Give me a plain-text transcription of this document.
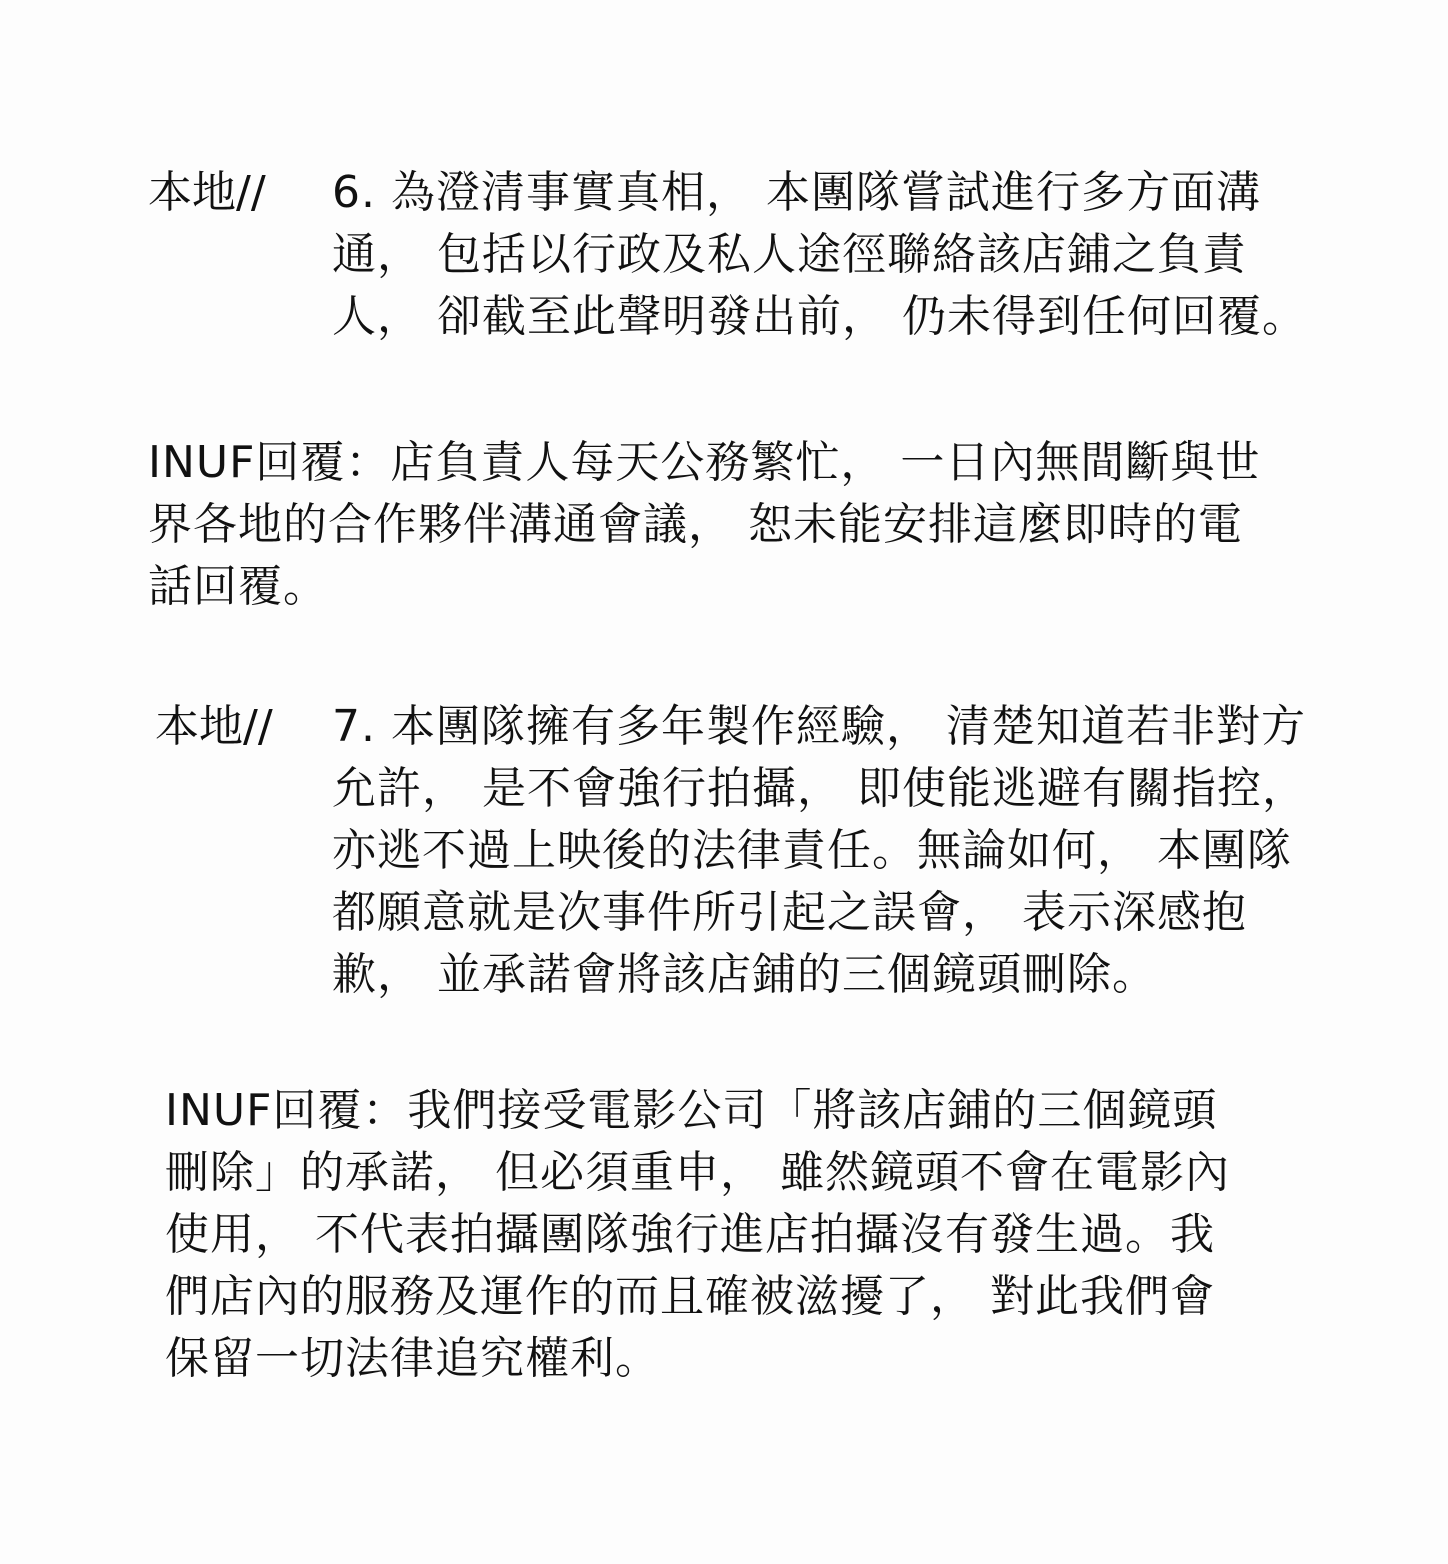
本地// 6. 為澄清事實真相， 本團隊嘗試進行多方面溝
通， 包括以行政及私人途徑聯絡該店鋪之負責
人， 卻截至此聲明發出前， 仍未得到任何回覆。
INUF回覆：店負責人每天公務繁忙， 一日內無間斷與世
界各地的合作夥伴溝通會議， 恕未能安排這麼即時的電
話回覆。
本地// 7. 本團隊擁有多年製作經驗， 清楚知道若非對方
允許， 是不會強行拍攝， 即使能逃避有關指控，
亦逃不過上映後的法律責任。無論如何， 本團隊
都願意就是次事件所引起之誤會， 表示深感抱
歉， 並承諾會將該店鋪的三個鏡頭刪除。
INUF回覆：我們接受電影公司「將該店鋪的三個鏡頭
刪除」的承諾， 但必須重申， 雖然鏡頭不會在電影內
使用， 不代表拍攝團隊強行進店拍攝沒有發生過。我
們店內的服務及運作的而且確被滋擾了， 對此我們會
保留一切法律追究權利。
